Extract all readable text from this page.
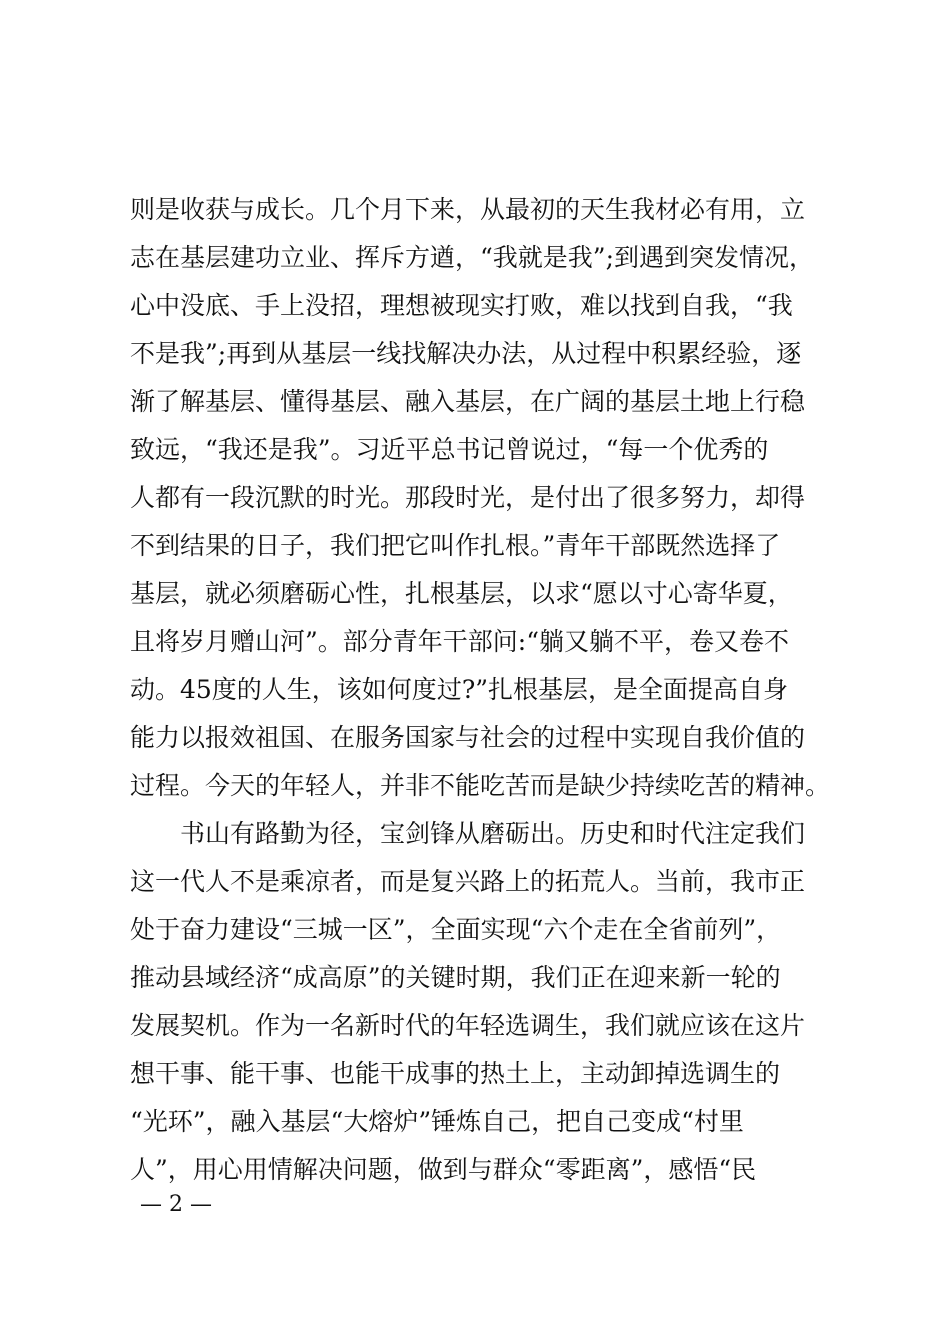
则是收获与成长。几个月下来，从最初的天生我材必有用，立
志在基层建功立业、挥斥方遒，“我就是我”;到遇到突发情况，
心中没底、手上没招，理想被现实打败，难以找到自我，“我
不是我”;再到从基层一线找解决办法，从过程中积累经验，逐
渐了解基层、懂得基层、融入基层，在广阔的基层土地上行稳
致远，“我还是我”。习近平总书记曾说过，“每一个优秀的
人都有一段沉默的时光。那段时光，是付出了很多努力，却得
不到结果的日子，我们把它叫作扎根。”青年干部既然选择了
基层，就必须磨砺心性，扎根基层，以求“愿以寸心寄华夏，
且将岁月赠山河”。部分青年干部问:“躺又躺不平，卷又卷不
动。45度的人生，该如何度过?”扎根基层，是全面提高自身
能力以报效祖国、在服务国家与社会的过程中实现自我价值的
过程。今天的年轻人，并非不能吃苦而是缺少持续吃苦的精神。
书山有路勤为径，宝剑锋从磨砺出。历史和时代注定我们
这一代人不是乘凉者，而是复兴路上的拓荒人。当前，我市正
处于奋力建设“三城一区”，全面实现“六个走在全省前列”，
推动县域经济“成高原”的关键时期，我们正在迎来新一轮的
发展契机。作为一名新时代的年轻选调生，我们就应该在这片
想干事、能干事、也能干成事的热土上，主动卸掉选调生的
“光环”，融入基层“大熔炉”锤炼自己，把自己变成“村里
人”，用心用情解决问题，做到与群众“零距离”，感悟“民
— 2 —
